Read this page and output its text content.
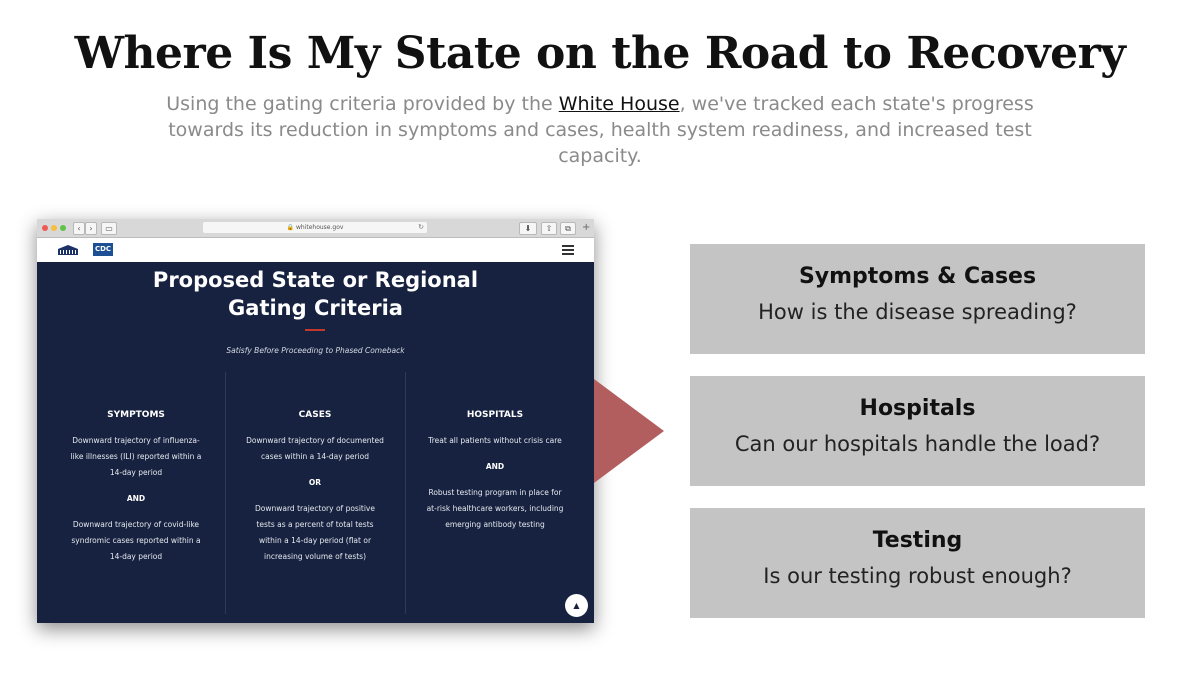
Where Is My State on the Road to Recovery
Using the gating criteria provided by the White House, we've tracked each state's progress towards its reduction in symptoms and cases, health system readiness, and increased test capacity.
‹	›	▭	🔒 whitehouse.gov	↻	⬇	⇧	⧉	+
CDC
Proposed State or Regional
Gating Criteria
Satisfy Before Proceeding to Phased Comeback
SYMPTOMS

Downward trajectory of influenza-like illnesses (ILI) reported within a 14-day period

AND

Downward trajectory of covid-like syndromic cases reported within a 14-day period

CASES

Downward trajectory of documented cases within a 14-day period

OR

Downward trajectory of positive tests as a percent of total tests within a 14-day period (flat or increasing volume of tests)

HOSPITALS

Treat all patients without crisis care

AND

Robust testing program in place for at-risk healthcare workers, including emerging antibody testing

▲
Symptoms & Cases
How is the disease spreading?
Hospitals
Can our hospitals handle the load?
Testing
Is our testing robust enough?
